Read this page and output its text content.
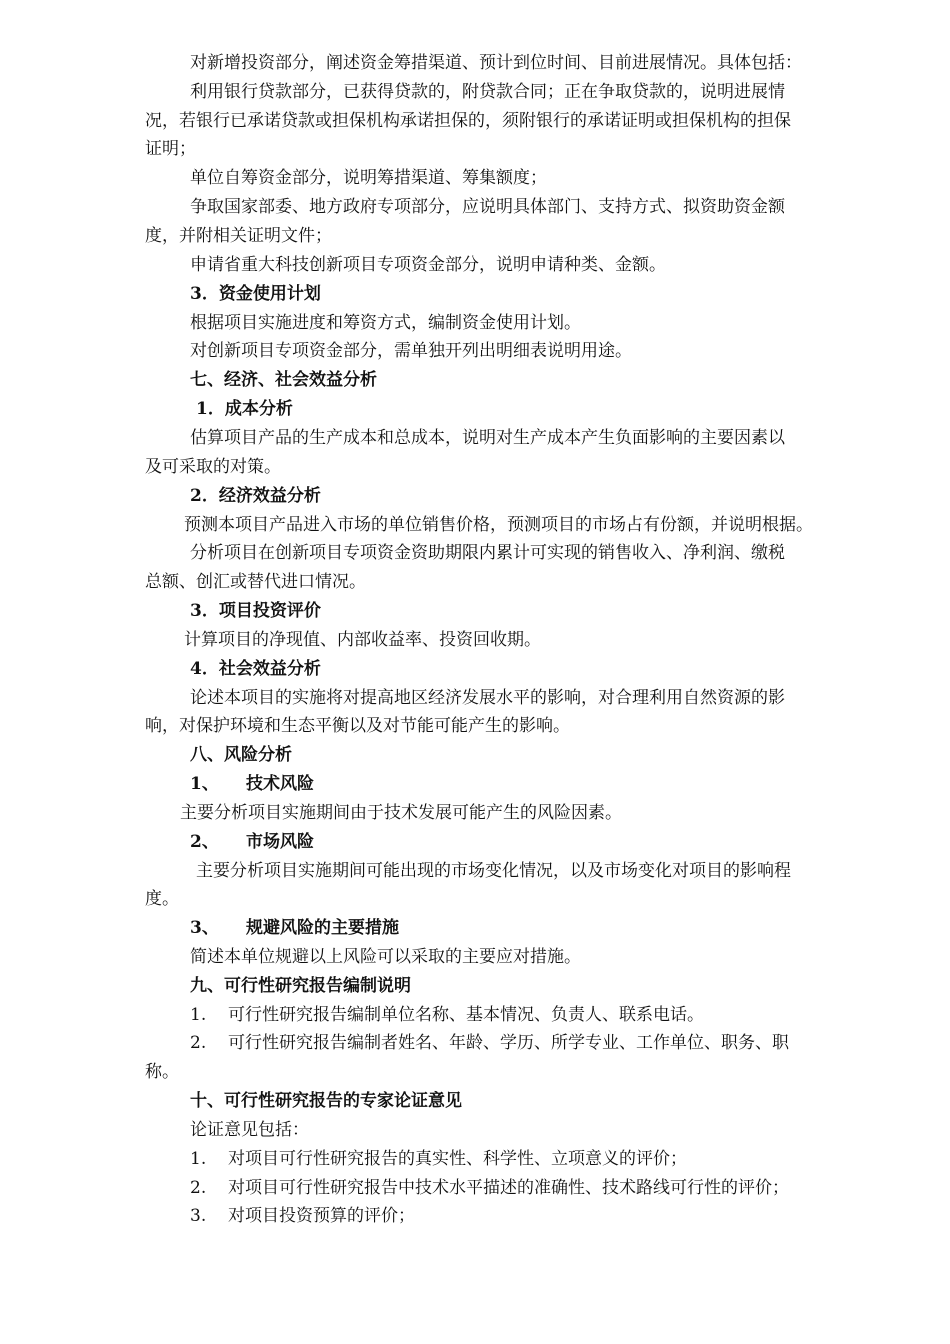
对新增投资部分，阐述资金筹措渠道、预计到位时间、目前进展情况。具体包括：
利用银行贷款部分，已获得贷款的，附贷款合同；正在争取贷款的，说明进展情
况，若银行已承诺贷款或担保机构承诺担保的，须附银行的承诺证明或担保机构的担保
证明；
单位自筹资金部分，说明筹措渠道、筹集额度；
争取国家部委、地方政府专项部分，应说明具体部门、支持方式、拟资助资金额
度，并附相关证明文件；
申请省重大科技创新项目专项资金部分，说明申请种类、金额。
3．资金使用计划
根据项目实施进度和筹资方式，编制资金使用计划。
对创新项目专项资金部分，需单独开列出明细表说明用途。
七、经济、社会效益分析
1．成本分析
估算项目产品的生产成本和总成本，说明对生产成本产生负面影响的主要因素以
及可采取的对策。
2．经济效益分析
预测本项目产品进入市场的单位销售价格，预测项目的市场占有份额，并说明根据。
分析项目在创新项目专项资金资助期限内累计可实现的销售收入、净利润、缴税
总额、创汇或替代进口情况。
3．项目投资评价
计算项目的净现值、内部收益率、投资回收期。
4．社会效益分析
论述本项目的实施将对提高地区经济发展水平的影响，对合理利用自然资源的影
响，对保护环境和生态平衡以及对节能可能产生的影响。
八、风险分析
1、 技术风险
主要分析项目实施期间由于技术发展可能产生的风险因素。
2、 市场风险
主要分析项目实施期间可能出现的市场变化情况，以及市场变化对项目的影响程
度。
3、 规避风险的主要措施
简述本单位规避以上风险可以采取的主要应对措施。
九、可行性研究报告编制说明
1. 可行性研究报告编制单位名称、基本情况、负责人、联系电话。
2. 可行性研究报告编制者姓名、年龄、学历、所学专业、工作单位、职务、职
称。
十、可行性研究报告的专家论证意见
论证意见包括：
1. 对项目可行性研究报告的真实性、科学性、立项意义的评价；
2. 对项目可行性研究报告中技术水平描述的准确性、技术路线可行性的评价；
3. 对项目投资预算的评价；
